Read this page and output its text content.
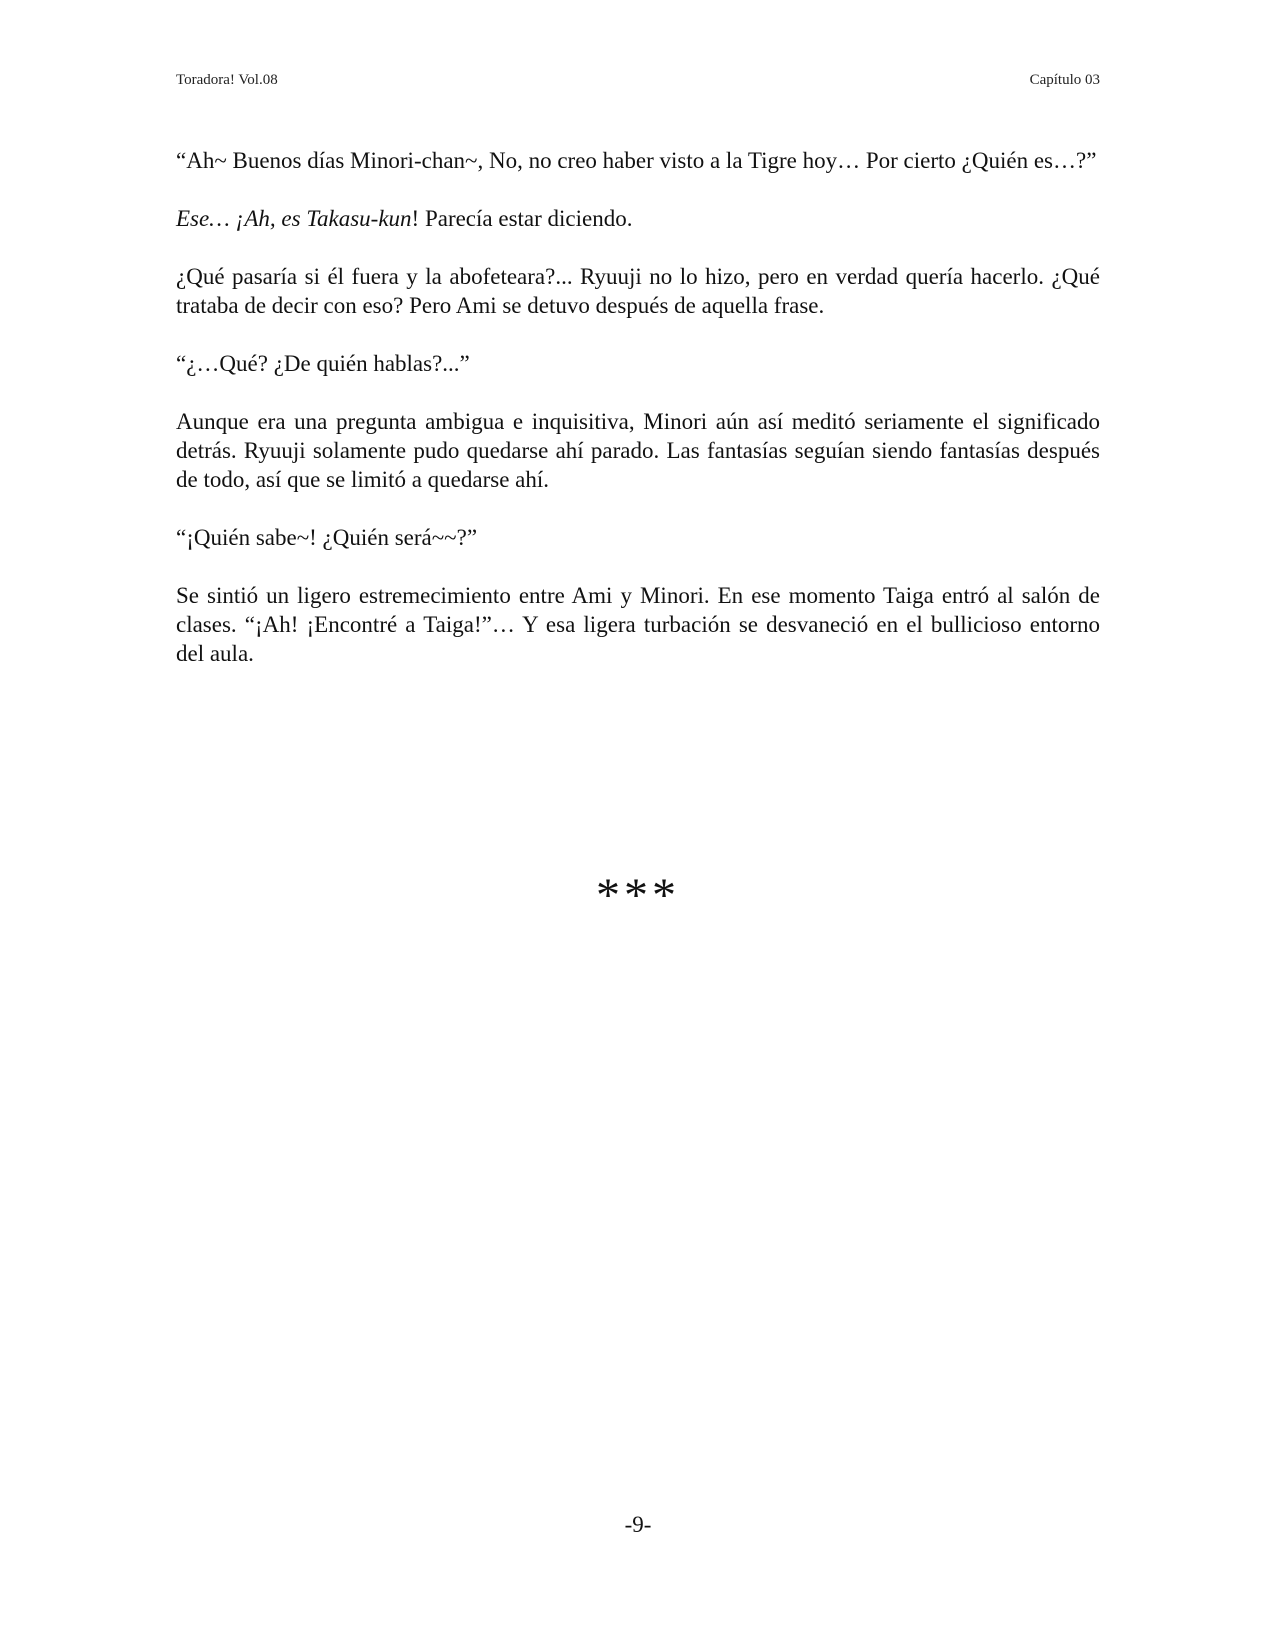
Toradora! Vol.08	Capítulo 03

“Ah~ Buenos días Minori-chan~, No, no creo haber visto a la Tigre hoy… Por cierto ¿Quién es…?”

Ese… ¡Ah, es Takasu-kun! Parecía estar diciendo.

¿Qué pasaría si él fuera y la abofeteara?... Ryuuji no lo hizo, pero en verdad quería hacerlo. ¿Qué trataba de decir con eso? Pero Ami se detuvo después de aquella frase.

“¿…Qué? ¿De quién hablas?...”

Aunque era una pregunta ambigua e inquisitiva, Minori aún así meditó seriamente el significado detrás. Ryuuji solamente pudo quedarse ahí parado. Las fantasías seguían siendo fantasías después de todo, así que se limitó a quedarse ahí.

“¡Quién sabe~! ¿Quién será~~?”

Se sintió un ligero estremecimiento entre Ami y Minori. En ese momento Taiga entró al salón de clases. “¡Ah! ¡Encontré a Taiga!”… Y esa ligera turbación se desvaneció en el bullicioso entorno del aula.

***
-9-
